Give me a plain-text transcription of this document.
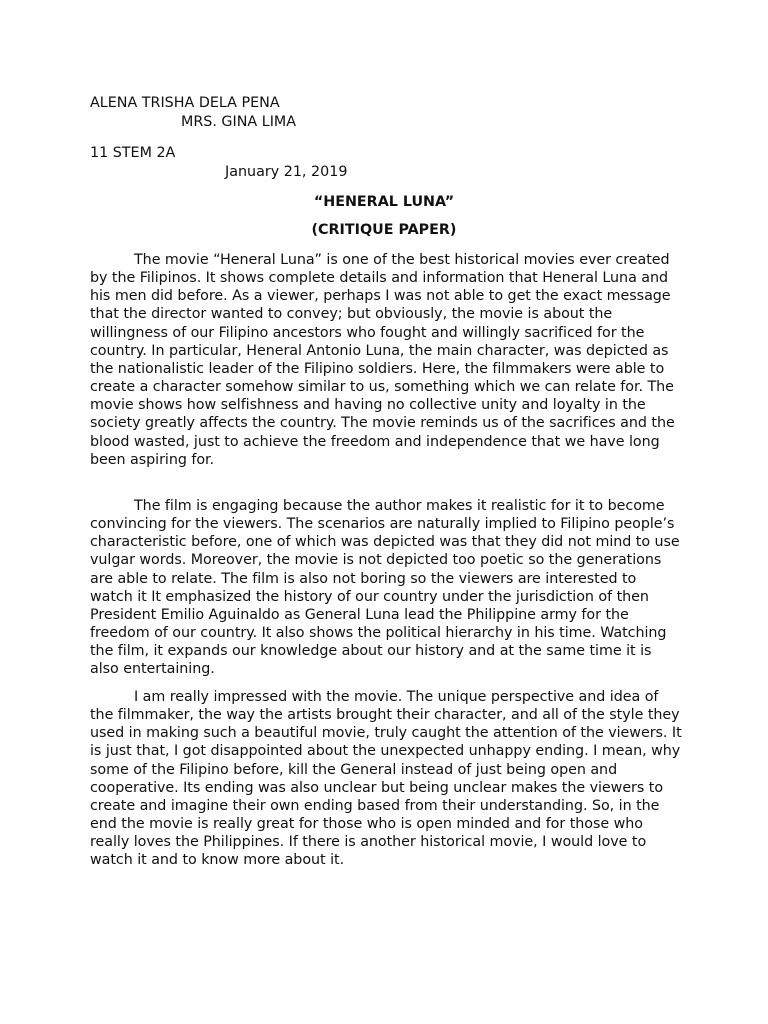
ALENA TRISHA DELA PENA
MRS. GINA LIMA
11 STEM 2A
January 21, 2019
“HENERAL LUNA”
(CRITIQUE PAPER)

The movie “Heneral Luna” is one of the best historical movies ever created by the Filipinos. It shows complete details and information that Heneral Luna and his men did before. As a viewer, perhaps I was not able to get the exact message that the director wanted to convey; but obviously, the movie is about the willingness of our Filipino ancestors who fought and willingly sacrificed for the country. In particular, Heneral Antonio Luna, the main character, was depicted as the nationalistic leader of the Filipino soldiers. Here, the filmmakers were able to create a character somehow similar to us, something which we can relate for. The movie shows how selfishness and having no collective unity and loyalty in the society greatly affects the country. The movie reminds us of the sacrifices and the blood wasted, just to achieve the freedom and independence that we have long been aspiring for.

The film is engaging because the author makes it realistic for it to become convincing for the viewers. The scenarios are naturally implied to Filipino people’s characteristic before, one of which was depicted was that they did not mind to use vulgar words. Moreover, the movie is not depicted too poetic so the generations are able to relate. The film is also not boring so the viewers are interested to watch it It emphasized the history of our country under the jurisdiction of then President Emilio Aguinaldo as General Luna lead the Philippine army for the freedom of our country. It also shows the political hierarchy in his time. Watching the film, it expands our knowledge about our history and at the same time it is also entertaining.

I am really impressed with the movie. The unique perspective and idea of the filmmaker, the way the artists brought their character, and all of the style they used in making such a beautiful movie, truly caught the attention of the viewers. It is just that, I got disappointed about the unexpected unhappy ending. I mean, why some of the Filipino before, kill the General instead of just being open and cooperative. Its ending was also unclear but being unclear makes the viewers to create and imagine their own ending based from their understanding. So, in the end the movie is really great for those who is open minded and for those who really loves the Philippines. If there is another historical movie, I would love to watch it and to know more about it.
